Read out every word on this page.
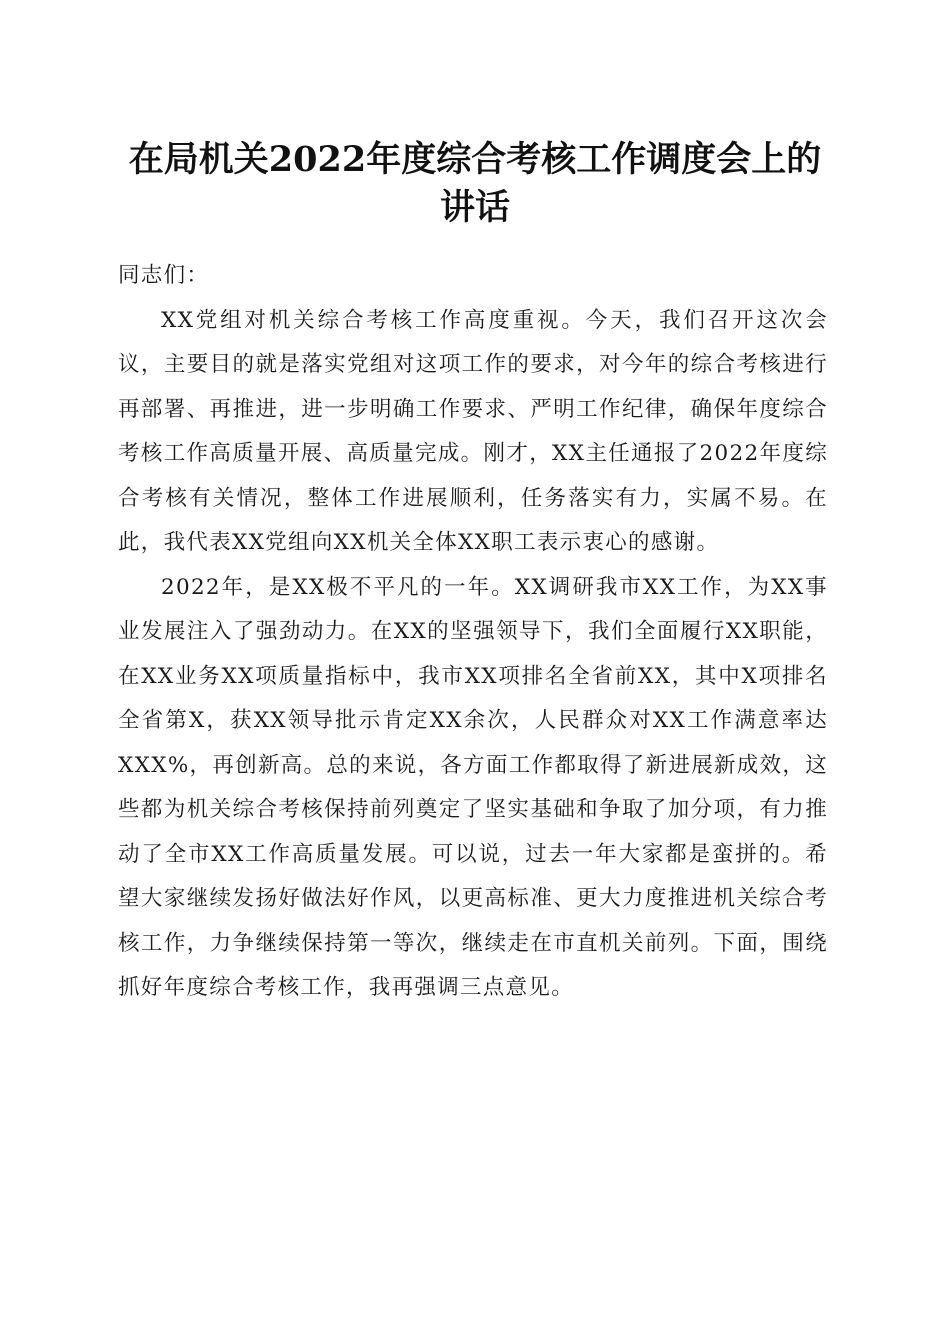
在局机关2022年度综合考核工作调度会上的讲话

同志们：

XX党组对机关综合考核工作高度重视。今天，我们召开这次会议，主要目的就是落实党组对这项工作的要求，对今年的综合考核进行再部署、再推进，进一步明确工作要求、严明工作纪律，确保年度综合考核工作高质量开展、高质量完成。刚才，XX主任通报了2022年度综合考核有关情况，整体工作进展顺利，任务落实有力，实属不易。在此，我代表XX党组向XX机关全体XX职工表示衷心的感谢。

2022年，是XX极不平凡的一年。XX调研我市XX工作，为XX事业发展注入了强劲动力。在XX的坚强领导下，我们全面履行XX职能，在XX业务XX项质量指标中，我市XX项排名全省前XX，其中X项排名全省第X，获XX领导批示肯定XX余次，人民群众对XX工作满意率达XXX%，再创新高。总的来说，各方面工作都取得了新进展新成效，这些都为机关综合考核保持前列奠定了坚实基础和争取了加分项，有力推动了全市XX工作高质量发展。可以说，过去一年大家都是蛮拼的。希望大家继续发扬好做法好作风，以更高标准、更大力度推进机关综合考核工作，力争继续保持第一等次，继续走在市直机关前列。下面，围绕抓好年度综合考核工作，我再强调三点意见。
